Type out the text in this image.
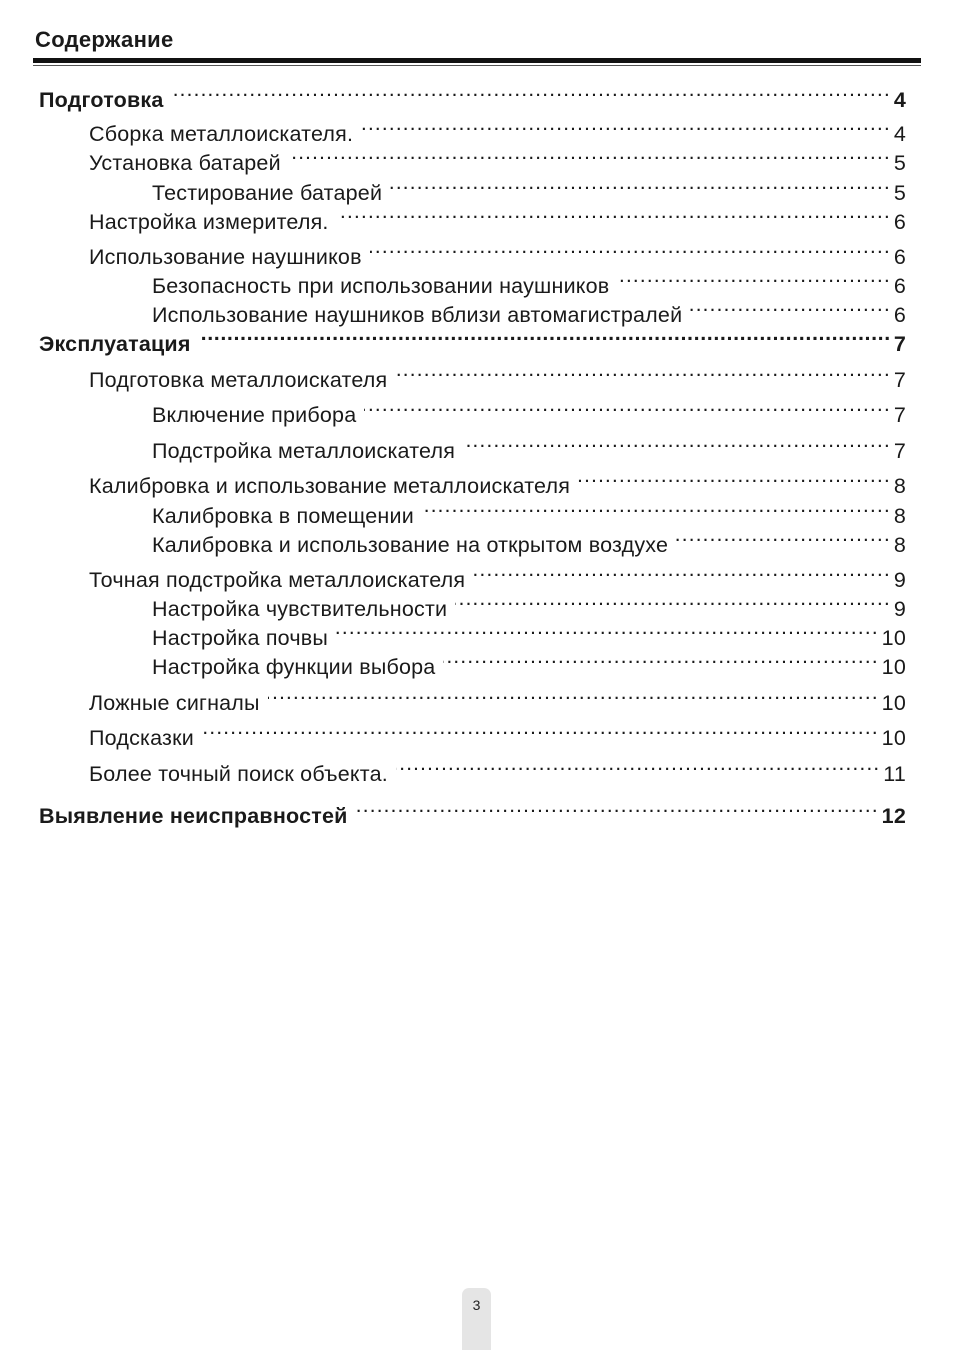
Содержание
Подготовка .....	4
Сборка металлоискателя. .....	4
Установка батарей .....	5
Тестирование батарей .....	5
Настройка измерителя. .....	6
Использование наушников .....	6
Безопасность при использовании наушников .....	6
Использование наушников вблизи автомагистралей .....	6
Эксплуатация .....	7
Подготовка металлоискателя .....	7
Включение прибора .....	7
Подстройка металлоискателя .....	7
Калибровка и использование металлоискателя .....	8
Калибровка в помещении .....	8
Калибровка и использование на открытом воздухе .....	8
Точная подстройка металлоискателя .....	9
Настройка чувствительности .....	9
Настройка почвы .....	10
Настройка функции выбора .....	10
Ложные сигналы .....	10
Подсказки .....	10
Более точный поиск объекта. .....	11
Выявление неисправностей .....	12
3
